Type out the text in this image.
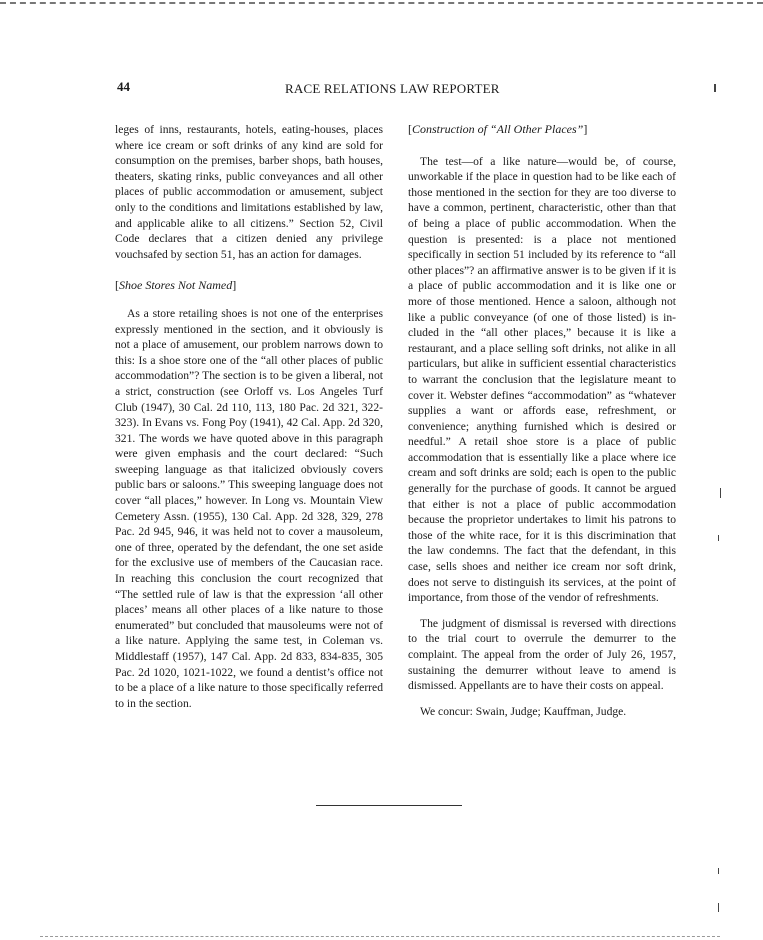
44	RACE RELATIONS LAW REPORTER

leges of inns, restaurants, hotels, eating-houses, places where ice cream or soft drinks of any kind are sold for consumption on the premises, barber shops, bath houses, theaters, skating rinks, public conveyances and all other places of public accommodation or amusement, subject only to the conditions and limitations established by law, and applicable alike to all citizens.” Section 52, Civil Code declares that a citizen denied any privilege vouchsafed by section 51, has an action for damages.

[Shoe Stores Not Named]

As a store retailing shoes is not one of the enterprises expressly mentioned in the section, and it obviously is not a place of amusement, our problem narrows down to this: Is a shoe store one of the “all other places of public accommodation”? The section is to be given a liberal, not a strict, construction (see Orloff vs. Los Angeles Turf Club (1947), 30 Cal. 2d 110, 113, 180 Pac. 2d 321, 322-323). In Evans vs. Fong Poy (1941), 42 Cal. App. 2d 320, 321. The words we have quoted above in this paragraph were given emphasis and the court declared: “Such sweeping language as that italicized obviously covers public bars or saloons.” This sweeping language does not cover “all places,” however. In Long vs. Mountain View Cemetery Assn. (1955), 130 Cal. App. 2d 328, 329, 278 Pac. 2d 945, 946, it was held not to cover a mausoleum, one of three, operated by the defendant, the one set aside for the exclusive use of members of the Caucasian race. In reaching this conclusion the court recognized that “The settled rule of law is that the expression ‘all other places’ means all other places of a like nature to those enumerated” but concluded that mausoleums were not of a like nature. Applying the same test, in Coleman vs. Middlestaff (1957), 147 Cal. App. 2d 833, 834-835, 305 Pac. 2d 1020, 1021-1022, we found a dentist’s office not to be a place of a like nature to those specifically referred to in the section.

[Construction of “All Other Places”]

The test—of a like nature—would be, of course, unworkable if the place in question had to be like each of those mentioned in the section for they are too diverse to have a common, pertinent, characteristic, other than that of being a place of public accommodation. When the question is presented: is a place not mentioned specifically in section 51 included by its reference to “all other places”? an affirmative answer is to be given if it is a place of public accommodation and it is like one or more of those mentioned. Hence a saloon, although not like a public conveyance (of one of those listed) is included in the “all other places,” because it is like a restaurant, and a place selling soft drinks, not alike in all particulars, but alike in sufficient essential characteristics to warrant the conclusion that the legislature meant to cover it. Webster defines “accommodation” as “whatever supplies a want or affords ease, refreshment, or convenience; anything furnished which is desired or needful.” A retail shoe store is a place of public accommodation that is essentially like a place where ice cream and soft drinks are sold; each is open to the public generally for the purchase of goods. It cannot be argued that either is not a place of public accommodation because the proprietor undertakes to limit his patrons to those of the white race, for it is this discrimination that the law condemns. The fact that the defendant, in this case, sells shoes and neither ice cream nor soft drink, does not serve to distinguish its services, at the point of importance, from those of the vendor of refreshments.

The judgment of dismissal is reversed with directions to the trial court to overrule the demurrer to the complaint. The appeal from the order of July 26, 1957, sustaining the demurrer without leave to amend is dismissed. Appellants are to have their costs on appeal.

We concur: Swain, Judge; Kauffman, Judge.
